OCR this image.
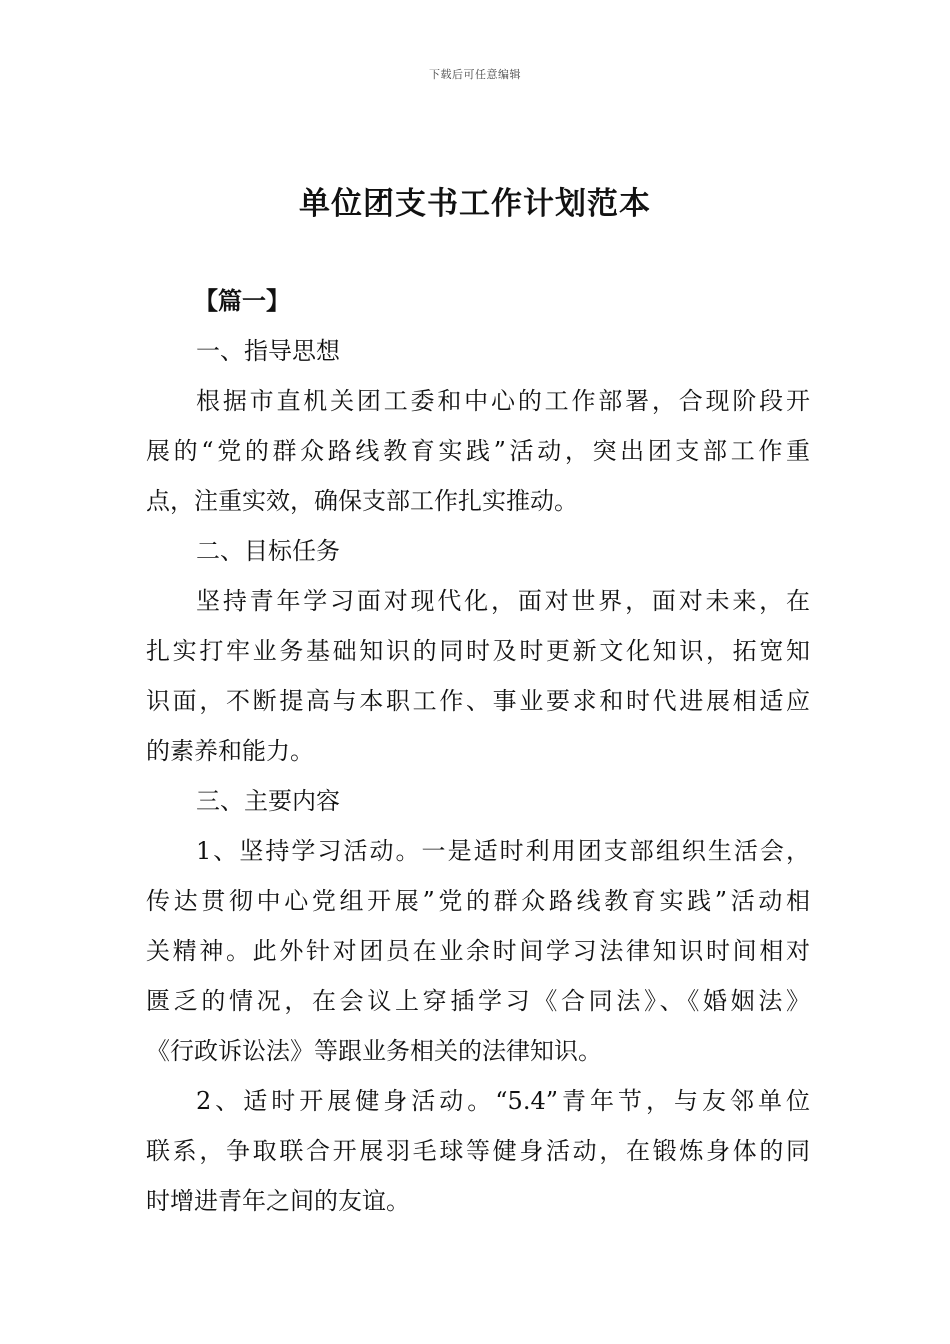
下载后可任意编辑
单位团支书工作计划范本
【篇一】
一、指导思想
根据市直机关团工委和中心的工作部署，合现阶段开
展的“党的群众路线教育实践”活动，突出团支部工作重
点，注重实效，确保支部工作扎实推动。
二、目标任务
坚持青年学习面对现代化，面对世界，面对未来，在
扎实打牢业务基础知识的同时及时更新文化知识，拓宽知
识面，不断提高与本职工作、事业要求和时代进展相适应
的素养和能力。
三、主要内容
1、坚持学习活动。一是适时利用团支部组织生活会，
传达贯彻中心党组开展”党的群众路线教育实践”活动相
关精神。此外针对团员在业余时间学习法律知识时间相对
匮乏的情况，在会议上穿插学习《合同法》、《婚姻法》
《行政诉讼法》等跟业务相关的法律知识。
2、适时开展健身活动。“5.4”青年节，与友邻单位
联系，争取联合开展羽毛球等健身活动，在锻炼身体的同
时增进青年之间的友谊。
